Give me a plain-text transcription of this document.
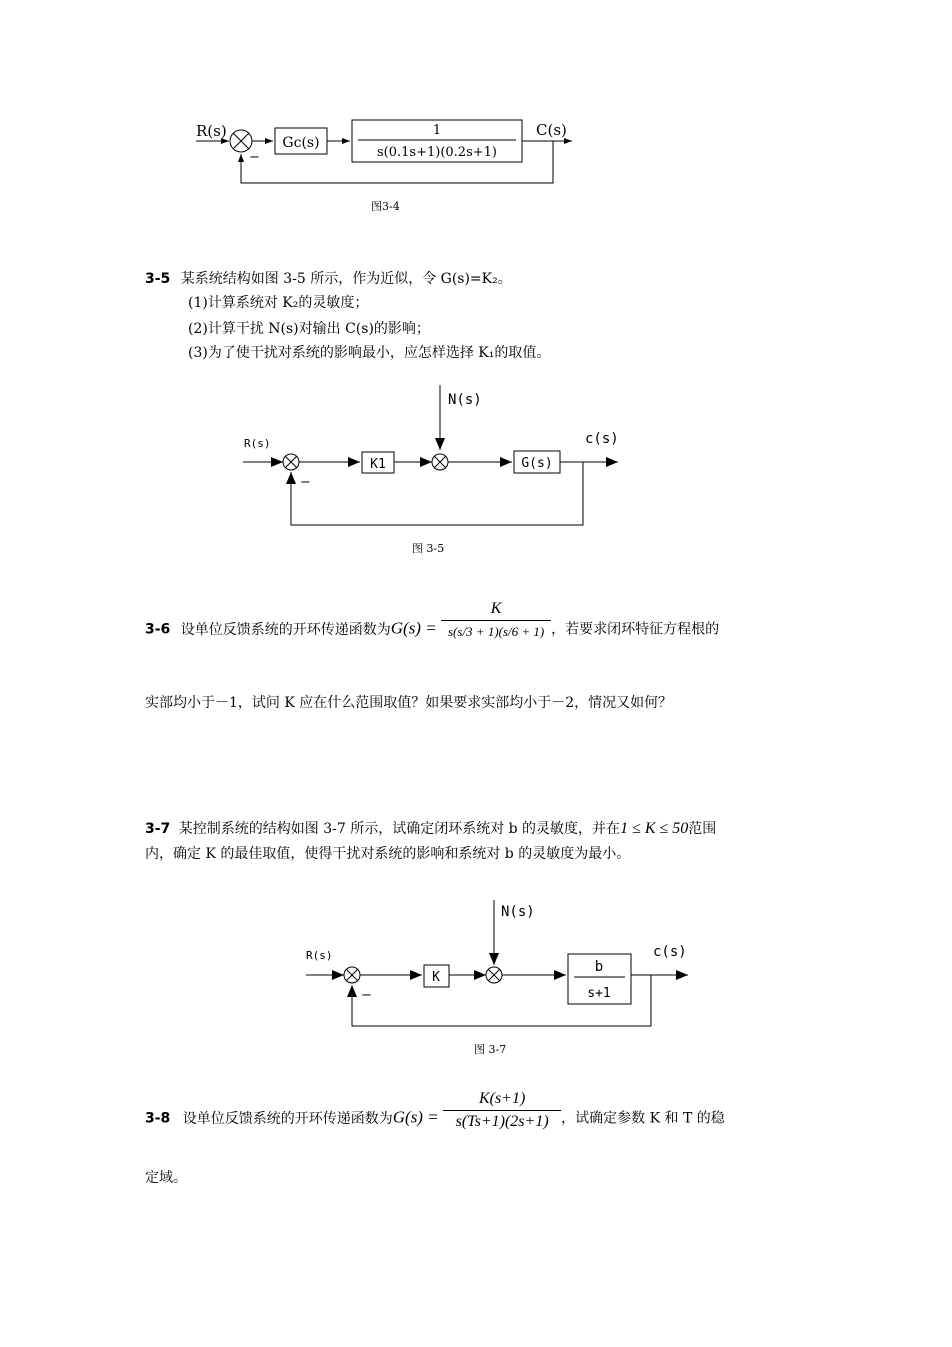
R(s)
−
Gc(s)
1
s(0.1s+1)(0.2s+1)
C(s)
图3-4
3-5 某系统结构如图 3-5 所示，作为近似，令 G(s)=K₂。
(1)计算系统对 K₂的灵敏度；
(2)计算干扰 N(s)对输出 C(s)的影响；
(3)为了使干扰对系统的影响最小，应怎样选择 K₁的取值。
N(s)
R(s)
−
K1	G(s)
c(s)
图 3-5
3-6 设单位反馈系统的开环传递函数为$G(s) = \frac{K}{s(s/3 + 1)(s/6 + 1)}$ ，若要求闭环特征方程根的
实部均小于－1，试问 K 应在什么范围取值？如果要求实部均小于－2，情况又如何？
3-7 某控制系统的结构如图 3-7 所示，试确定闭环系统对 b 的灵敏度，并在1 ≤ K ≤ 50范围
内，确定 K 的最佳取值，使得干扰对系统的影响和系统对 b 的灵敏度为最小。
N(s)
R(s)
−
K
b
s+1
c(s)
图 3-7
3-8 设单位反馈系统的开环传递函数为$G(s) = \frac{K(s+1)}{s(Ts+1)(2s+1)}$ ，试确定参数 K 和 T 的稳
定域。
